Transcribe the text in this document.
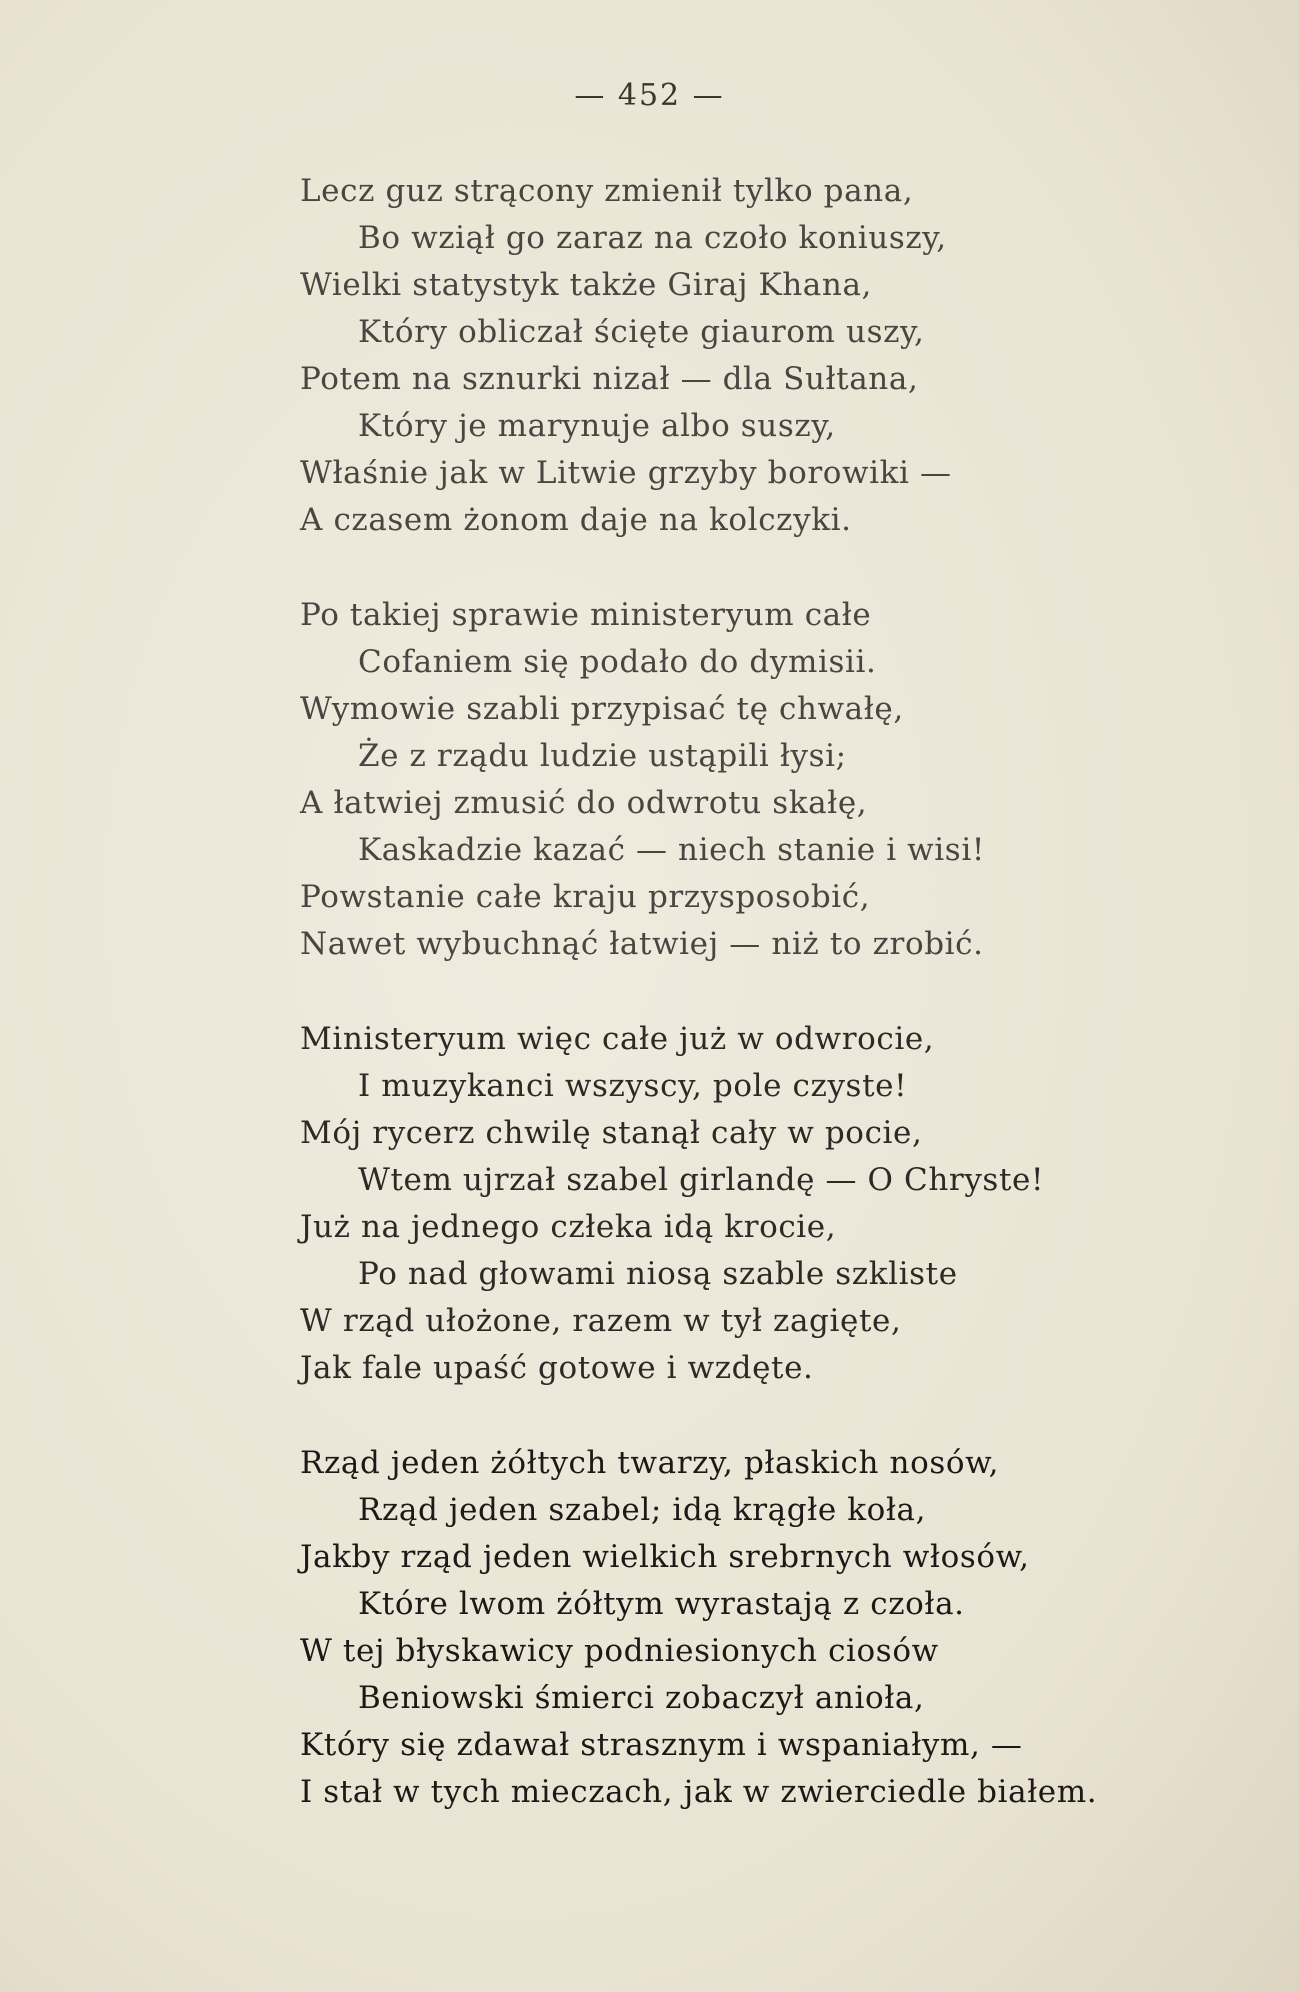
— 452 —
Lecz guz strącony zmienił tylko pana,
Bo wziął go zaraz na czoło koniuszy,
Wielki statystyk także Giraj Khana,
Który obliczał ścięte giaurom uszy,
Potem na sznurki nizał — dla Sułtana,
Który je marynuje albo suszy,
Właśnie jak w Litwie grzyby borowiki —
A czasem żonom daje na kolczyki.
Po takiej sprawie ministeryum całe
Cofaniem się podało do dymisii.
Wymowie szabli przypisać tę chwałę,
Że z rządu ludzie ustąpili łysi;
A łatwiej zmusić do odwrotu skałę,
Kaskadzie kazać — niech stanie i wisi!
Powstanie całe kraju przysposobić,
Nawet wybuchnąć łatwiej — niż to zrobić.
Ministeryum więc całe już w odwrocie,
I muzykanci wszyscy, pole czyste!
Mój rycerz chwilę stanął cały w pocie,
Wtem ujrzał szabel girlandę — O Chryste!
Już na jednego człeka idą krocie,
Po nad głowami niosą szable szkliste
W rząd ułożone, razem w tył zagięte,
Jak fale upaść gotowe i wzdęte.
Rząd jeden żółtych twarzy, płaskich nosów,
Rząd jeden szabel; idą krągłe koła,
Jakby rząd jeden wielkich srebrnych włosów,
Które lwom żółtym wyrastają z czoła.
W tej błyskawicy podniesionych ciosów
Beniowski śmierci zobaczył anioła,
Który się zdawał strasznym i wspaniałym, —
I stał w tych mieczach, jak w zwierciedle białem.
